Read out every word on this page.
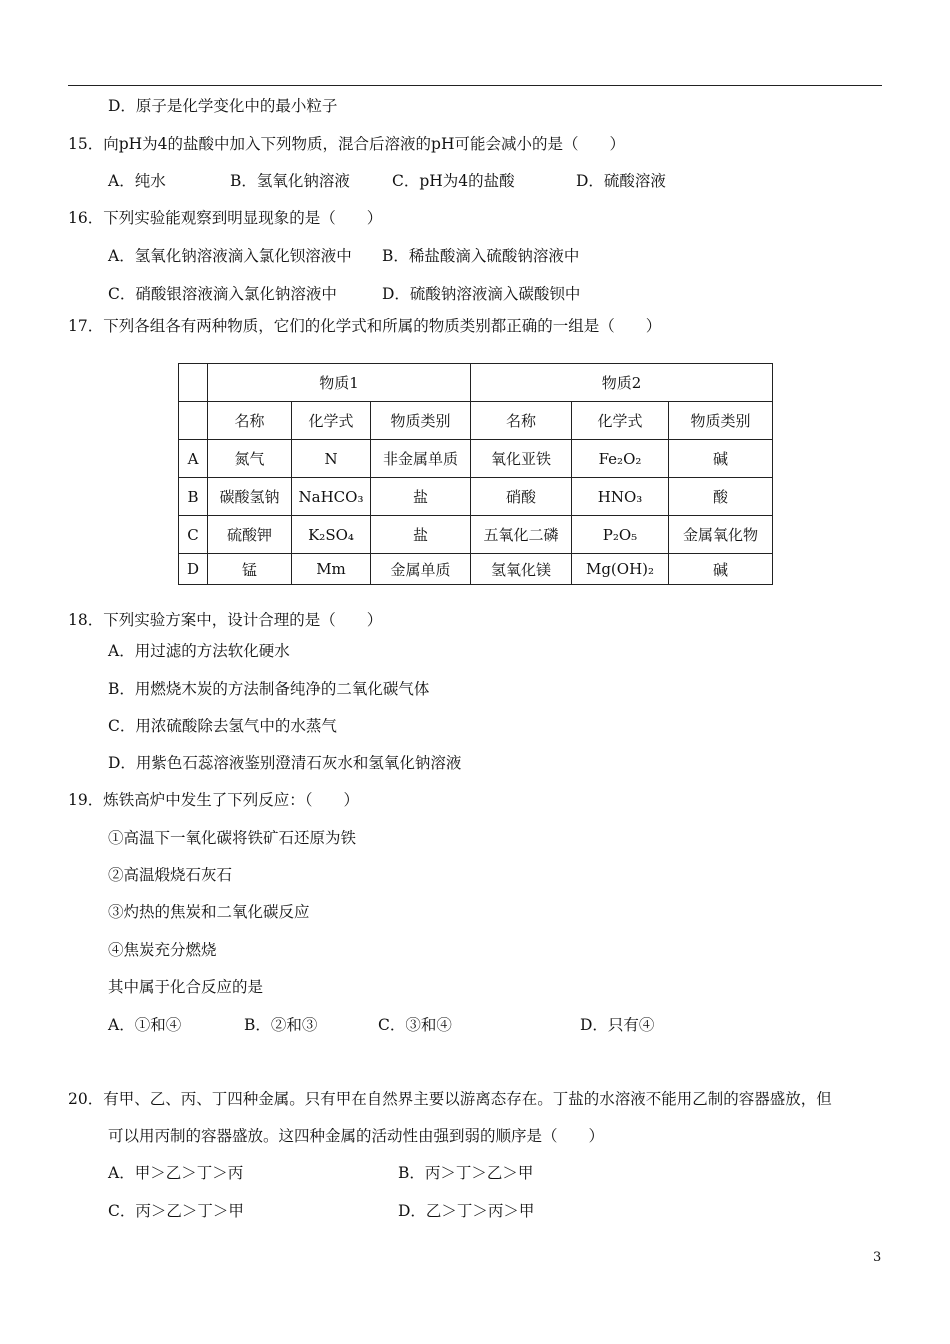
D．原子是化学变化中的最小粒子
15．向pH为4的盐酸中加入下列物质，混合后溶液的pH可能会减小的是（　　）
A．纯水	B．氢氧化钠溶液	C．pH为4的盐酸	D．硫酸溶液
16．下列实验能观察到明显现象的是（　　）
A．氢氧化钠溶液滴入氯化钡溶液中 B．稀盐酸滴入硫酸钠溶液中
C．硝酸银溶液滴入氯化钠溶液中	D．硫酸钠溶液滴入碳酸钡中
17．下列各组各有两种物质，它们的化学式和所属的物质类别都正确的一组是（　　）
	物质1			物质2		
	名称	化学式	物质类别	名称	化学式	物质类别
A	氮气	N	非金属单质	氧化亚铁	Fe₂O₂	碱
B	碳酸氢钠	NaHCO₃	盐	硝酸	HNO₃	酸
C	硫酸钾	K₂SO₄	盐	五氧化二磷	P₂O₅	金属氧化物
D	锰	Mm	金属单质	氢氧化镁	Mg(OH)₂	碱
18．下列实验方案中，设计合理的是（　　）
A．用过滤的方法软化硬水
B．用燃烧木炭的方法制备纯净的二氧化碳气体
C．用浓硫酸除去氢气中的水蒸气
D．用紫色石蕊溶液鉴别澄清石灰水和氢氧化钠溶液
19．炼铁高炉中发生了下列反应：（　　）
①高温下一氧化碳将铁矿石还原为铁
②高温煅烧石灰石
③灼热的焦炭和二氧化碳反应
④焦炭充分燃烧
其中属于化合反应的是
A．①和④	B．②和③	C．③和④	D．只有④
20．有甲、乙、丙、丁四种金属。只有甲在自然界主要以游离态存在。丁盐的水溶液不能用乙制的容器盛放，但
可以用丙制的容器盛放。这四种金属的活动性由强到弱的顺序是（　　）
A．甲＞乙＞丁＞丙	B．丙＞丁＞乙＞甲
C．丙＞乙＞丁＞甲	D．乙＞丁＞丙＞甲
3
